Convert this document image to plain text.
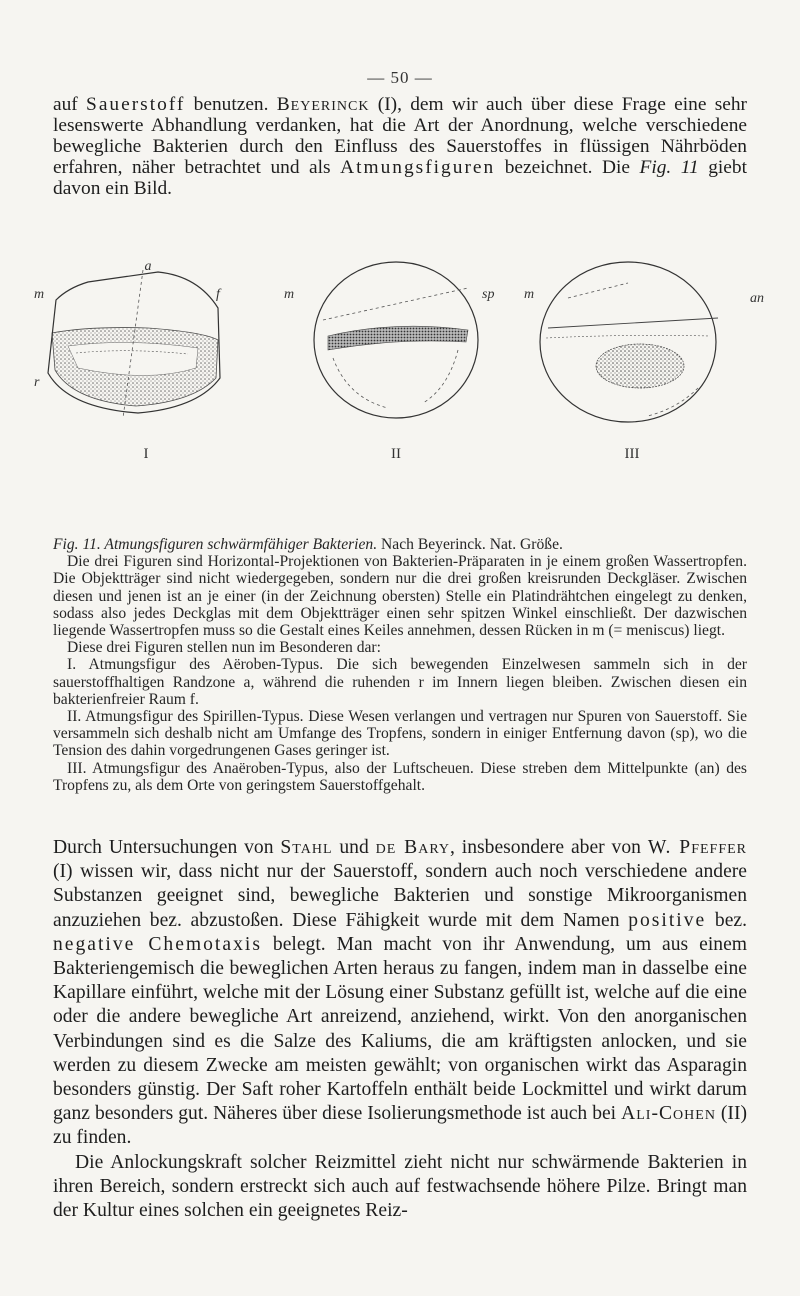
— 50 —

auf Sauerstoff benutzen. Beyerinck (I), dem wir auch über diese Frage eine sehr lesenswerte Abhandlung verdanken, hat die Art der Anordnung, welche verschiedene bewegliche Bakterien durch den Einfluss des Sauerstoffes in flüssigen Nährböden erfahren, näher betrachtet und als Atmungsfiguren bezeichnet. Die Fig. 11 giebt davon ein Bild.

a
m	f
r
I
m	sp
II
m	an
III

Fig. 11. Atmungsfiguren schwärmfähiger Bakterien. Nach Beyerinck. Nat. Größe.

Die drei Figuren sind Horizontal-Projektionen von Bakterien-Präparaten in je einem großen Wassertropfen. Die Objektträger sind nicht wiedergegeben, sondern nur die drei großen kreisrunden Deckgläser. Zwischen diesen und jenen ist an je einer (in der Zeichnung obersten) Stelle ein Platindrähtchen eingelegt zu denken, sodass also jedes Deckglas mit dem Objektträger einen sehr spitzen Winkel einschließt. Der dazwischen liegende Wassertropfen muss so die Gestalt eines Keiles annehmen, dessen Rücken in m (= meniscus) liegt.

Diese drei Figuren stellen nun im Besonderen dar:

I. Atmungsfigur des Aëroben-Typus. Die sich bewegenden Einzelwesen sammeln sich in der sauerstoffhaltigen Randzone a, während die ruhenden r im Innern liegen bleiben. Zwischen diesen ein bakterienfreier Raum f.

II. Atmungsfigur des Spirillen-Typus. Diese Wesen verlangen und vertragen nur Spuren von Sauerstoff. Sie versammeln sich deshalb nicht am Umfange des Tropfens, sondern in einiger Entfernung davon (sp), wo die Tension des dahin vorgedrungenen Gases geringer ist.

III. Atmungsfigur des Anaëroben-Typus, also der Luftscheuen. Diese streben dem Mittelpunkte (an) des Tropfens zu, als dem Orte von geringstem Sauerstoffgehalt.

Durch Untersuchungen von Stahl und de Bary, insbesondere aber von W. Pfeffer (I) wissen wir, dass nicht nur der Sauerstoff, sondern auch noch verschiedene andere Substanzen geeignet sind, bewegliche Bakterien und sonstige Mikroorganismen anzuziehen bez. abzustoßen. Diese Fähigkeit wurde mit dem Namen positive bez. negative Chemotaxis belegt. Man macht von ihr Anwendung, um aus einem Bakteriengemisch die beweglichen Arten heraus zu fangen, indem man in dasselbe eine Kapillare einführt, welche mit der Lösung einer Substanz gefüllt ist, welche auf die eine oder die andere bewegliche Art anreizend, anziehend, wirkt. Von den anorganischen Verbindungen sind es die Salze des Kaliums, die am kräftigsten anlocken, und sie werden zu diesem Zwecke am meisten gewählt; von organischen wirkt das Asparagin besonders günstig. Der Saft roher Kartoffeln enthält beide Lockmittel und wirkt darum ganz besonders gut. Näheres über diese Isolierungsmethode ist auch bei Ali-Cohen (II) zu finden.

Die Anlockungskraft solcher Reizmittel zieht nicht nur schwärmende Bakterien in ihren Bereich, sondern erstreckt sich auch auf festwachsende höhere Pilze. Bringt man der Kultur eines solchen ein geeignetes Reiz-
